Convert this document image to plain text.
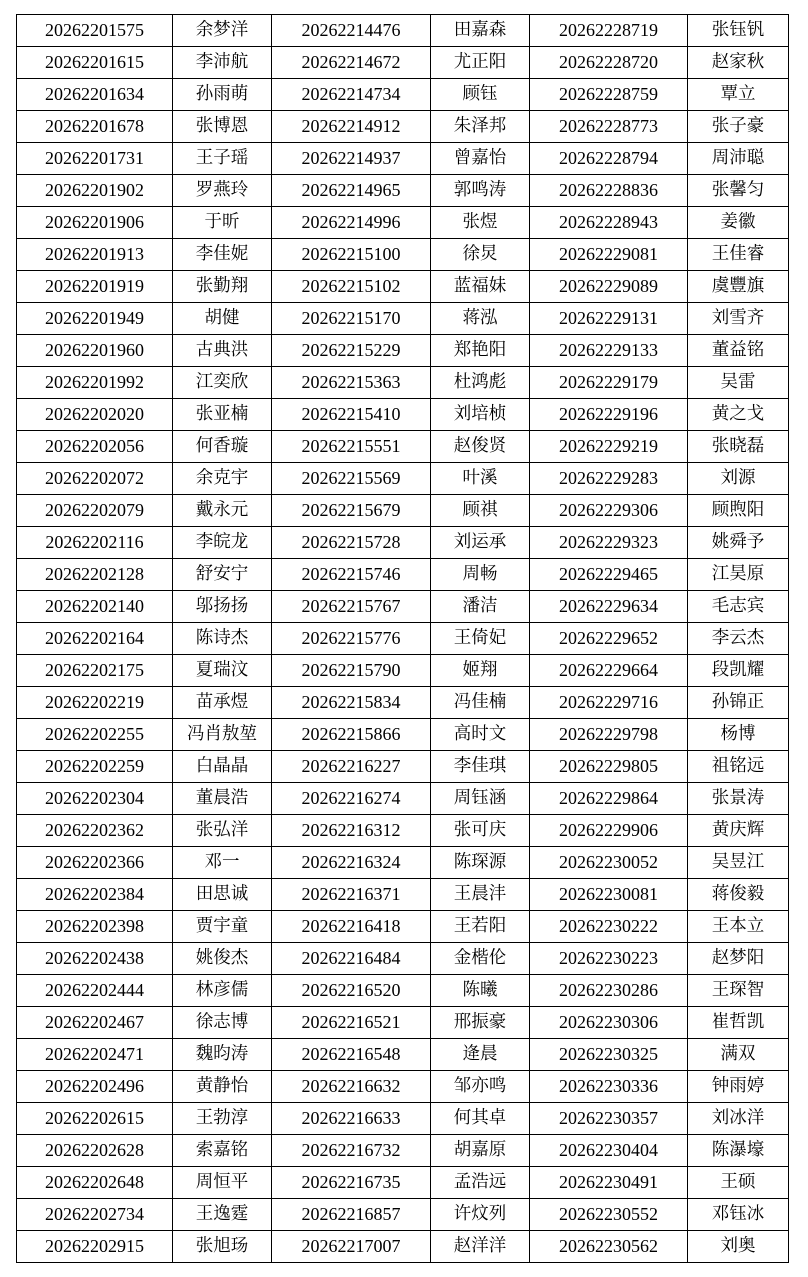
20262201575	余梦洋	20262214476	田嘉森	20262228719	张钰钒
20262201615	李沛航	20262214672	尤正阳	20262228720	赵家秋
20262201634	孙雨萌	20262214734	顾钰	20262228759	覃立
20262201678	张博恩	20262214912	朱泽邦	20262228773	张子豪
20262201731	王子瑶	20262214937	曾嘉怡	20262228794	周沛聪
20262201902	罗燕玲	20262214965	郭鸣涛	20262228836	张馨匀
20262201906	于昕	20262214996	张煜	20262228943	姜徽
20262201913	李佳妮	20262215100	徐炅	20262229081	王佳睿
20262201919	张勤翔	20262215102	蓝福妹	20262229089	虞豐旗
20262201949	胡健	20262215170	蒋泓	20262229131	刘雪齐
20262201960	古典洪	20262215229	郑艳阳	20262229133	董益铭
20262201992	江奕欣	20262215363	杜鸿彪	20262229179	吴雷
20262202020	张亚楠	20262215410	刘培桢	20262229196	黄之戈
20262202056	何香璇	20262215551	赵俊贤	20262229219	张晓磊
20262202072	余克宇	20262215569	叶溪	20262229283	刘源
20262202079	戴永元	20262215679	顾祺	20262229306	顾煦阳
20262202116	李皖龙	20262215728	刘运承	20262229323	姚舜予
20262202128	舒安宁	20262215746	周畅	20262229465	江昊原
20262202140	邬扬扬	20262215767	潘洁	20262229634	毛志宾
20262202164	陈诗杰	20262215776	王倚妃	20262229652	李云杰
20262202175	夏瑞汶	20262215790	姬翔	20262229664	段凯耀
20262202219	苗承煜	20262215834	冯佳楠	20262229716	孙锦正
20262202255	冯肖敖堃	20262215866	高时文	20262229798	杨博
20262202259	白晶晶	20262216227	李佳琪	20262229805	祖铭远
20262202304	董晨浩	20262216274	周钰涵	20262229864	张景涛
20262202362	张弘洋	20262216312	张可庆	20262229906	黄庆辉
20262202366	邓一	20262216324	陈琛源	20262230052	吴昱江
20262202384	田思诚	20262216371	王晨沣	20262230081	蒋俊毅
20262202398	贾宇童	20262216418	王若阳	20262230222	王本立
20262202438	姚俊杰	20262216484	金楷伦	20262230223	赵梦阳
20262202444	林彦儒	20262216520	陈曦	20262230286	王琛智
20262202467	徐志博	20262216521	邢振豪	20262230306	崔哲凯
20262202471	魏昀涛	20262216548	逄晨	20262230325	满双
20262202496	黄静怡	20262216632	邹亦鸣	20262230336	钟雨婷
20262202615	王勃淳	20262216633	何其卓	20262230357	刘冰洋
20262202628	索嘉铭	20262216732	胡嘉原	20262230404	陈瀑壕
20262202648	周恒平	20262216735	孟浩远	20262230491	王硕
20262202734	王逸霆	20262216857	许炆列	20262230552	邓钰冰
20262202915	张旭玚	20262217007	赵洋洋	20262230562	刘奥
